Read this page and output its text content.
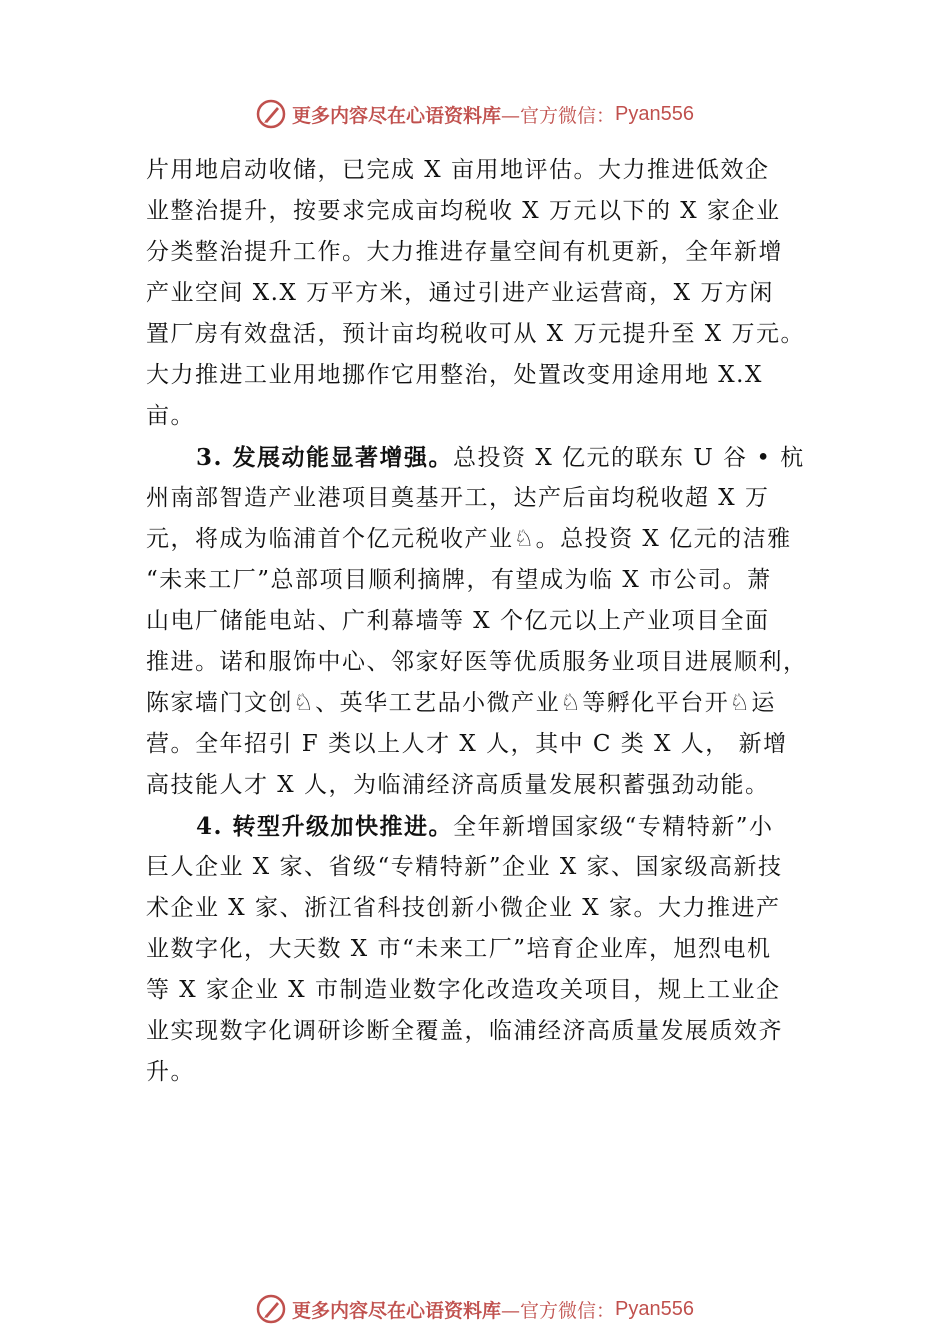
更多内容尽在心语资料库 —官方微信： Pyan556
片用地启动收储，已完成 X 亩用地评估。大力推进低效企
业整治提升，按要求完成亩均税收 X 万元以下的 X 家企业
分类整治提升工作。大力推进存量空间有机更新，全年新增
产业空间 X.X 万平方米，通过引进产业运营商，X 万方闲
置厂房有效盘活，预计亩均税收可从 X 万元提升至 X 万元。
大力推进工业用地挪作它用整治，处置改变用途用地 X.X
亩。
3. 发展动能显著增强。总投资 X 亿元的联东 U 谷 • 杭
州南部智造产业港项目奠基开工，达产后亩均税收超 X 万
元，将成为临浦首个亿元税收产业♘。总投资 X 亿元的洁雅
“未来工厂”总部项目顺利摘牌，有望成为临 X 市公司。萧
山电厂储能电站、广利幕墙等 X 个亿元以上产业项目全面
推进。诺和服饰中心、邻家好医等优质服务业项目进展顺利，
陈家墙门文创♘、英华工艺品小微产业♘等孵化平台开♘运
营。全年招引 F 类以上人才 X 人，其中 C 类 X 人， 新增
高技能人才 X 人，为临浦经济高质量发展积蓄强劲动能。
4. 转型升级加快推进。全年新增国家级“专精特新”小
巨人企业 X 家、省级“专精特新”企业 X 家、国家级高新技
术企业 X 家、浙江省科技创新小微企业 X 家。大力推进产
业数字化，大天数 X 市“未来工厂”培育企业库，旭烈电机
等 X 家企业 X 市制造业数字化改造攻关项目，规上工业企
业实现数字化调研诊断全覆盖，临浦经济高质量发展质效齐
升。
更多内容尽在心语资料库 —官方微信： Pyan556
